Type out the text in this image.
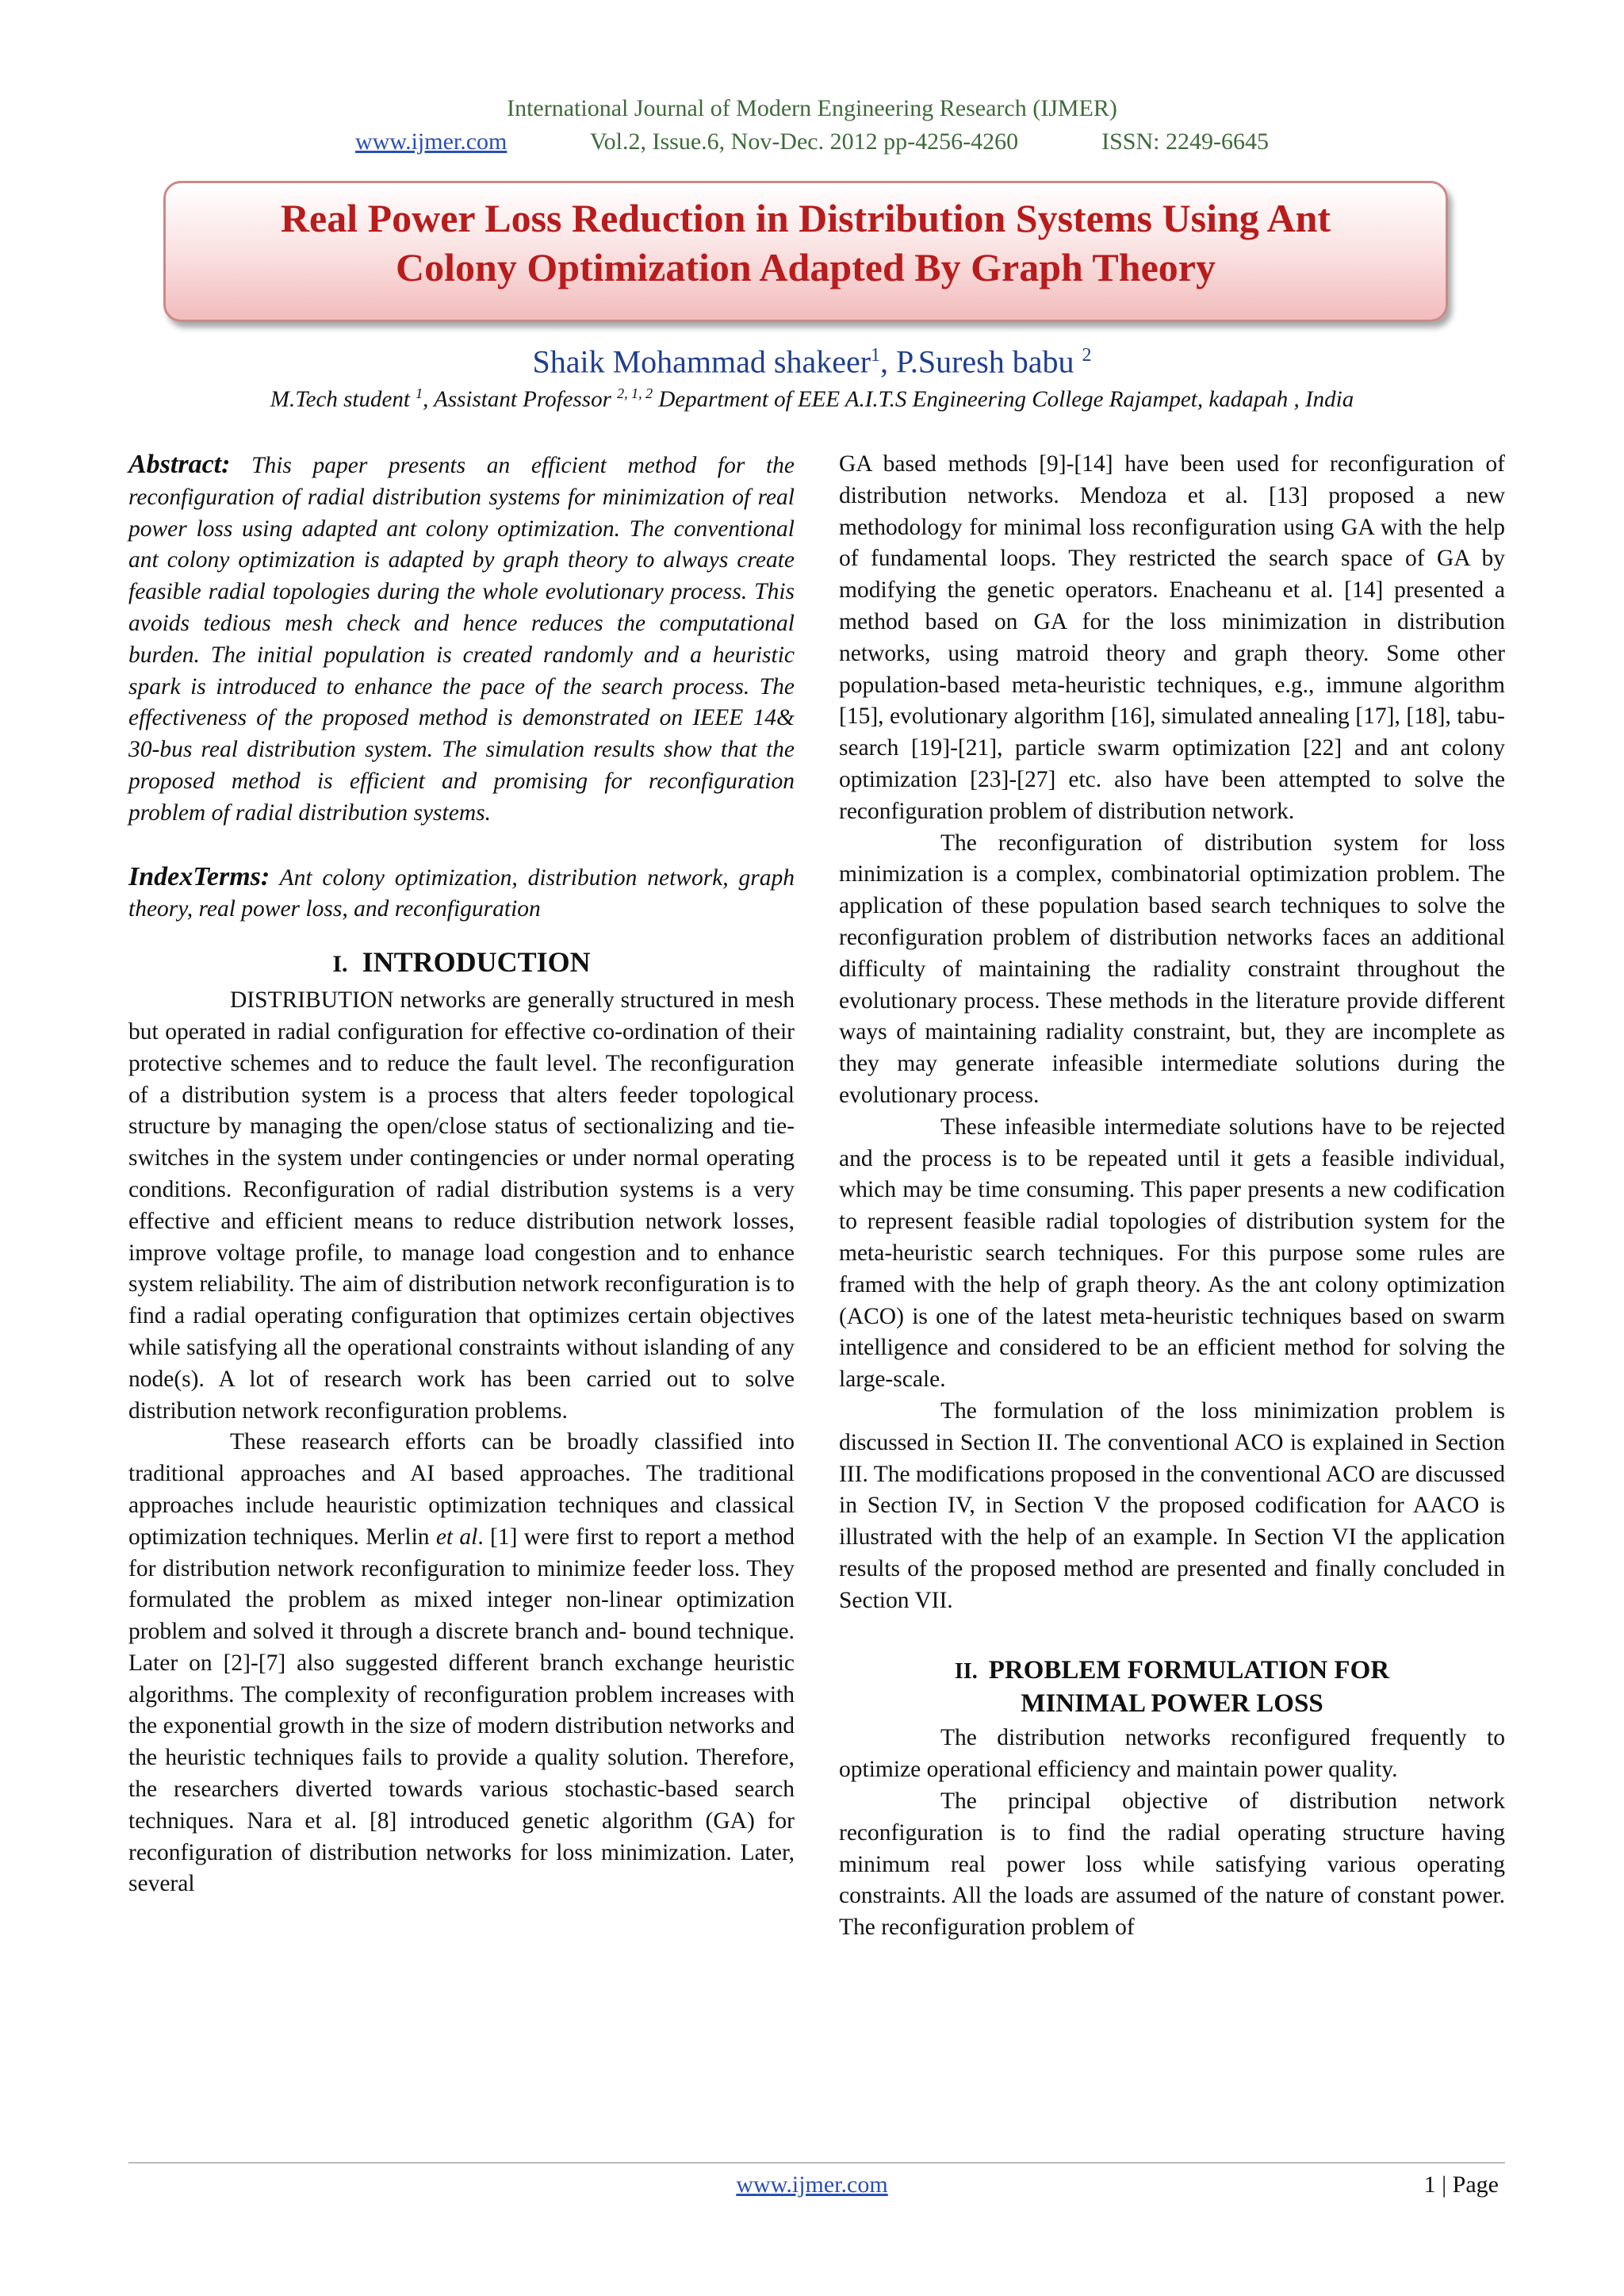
International Journal of Modern Engineering Research (IJMER)
www.ijmer.com	Vol.2, Issue.6, Nov-Dec. 2012 pp-4256-4260	ISSN: 2249-6645
Real Power Loss Reduction in Distribution Systems Using Ant
Colony Optimization Adapted By Graph Theory
Shaik Mohammad shakeer$^1$, P.Suresh babu $^2$
M.Tech student $^1$, Assistant Professor $^{2, 1, 2}$ Department of EEE A.I.T.S Engineering College Rajampet, kadapah , India

Abstract: This paper presents an efficient method for the reconfiguration of radial distribution systems for minimization of real power loss using adapted ant colony optimization. The conventional ant colony optimization is adapted by graph theory to always create feasible radial topologies during the whole evolutionary process. This avoids tedious mesh check and hence reduces the computational burden. The initial population is created randomly and a heuristic spark is introduced to enhance the pace of the search process. The effectiveness of the proposed method is demonstrated on IEEE 14& 30-bus real distribution system. The simulation results show that the proposed method is efficient and promising for reconfiguration problem of radial distribution systems.

IndexTerms: Ant colony optimization, distribution network, graph theory, real power loss, and reconfiguration

I. INTRODUCTION

DISTRIBUTION networks are generally structured in mesh but operated in radial configuration for effective co-ordination of their protective schemes and to reduce the fault level. The reconfiguration of a distribution system is a process that alters feeder topological structure by managing the open/close status of sectionalizing and tie-switches in the system under contingencies or under normal operating conditions. Reconfiguration of radial distribution systems is a very effective and efficient means to reduce distribution network losses, improve voltage profile, to manage load congestion and to enhance system reliability. The aim of distribution network reconfiguration is to find a radial operating configuration that optimizes certain objectives while satisfying all the operational constraints without islanding of any node(s). A lot of research work has been carried out to solve distribution network reconfiguration problems.

These reasearch efforts can be broadly classified into traditional approaches and AI based approaches. The traditional approaches include heauristic optimization techniques and classical optimization techniques. Merlin et al. [1] were first to report a method for distribution network reconfiguration to minimize feeder loss. They formulated the problem as mixed integer non-linear optimization problem and solved it through a discrete branch and- bound technique. Later on [2]-[7] also suggested different branch exchange heuristic algorithms. The complexity of reconfiguration problem increases with the exponential growth in the size of modern distribution networks and the heuristic techniques fails to provide a quality solution. Therefore, the researchers diverted towards various stochastic-based search techniques. Nara et al. [8] introduced genetic algorithm (GA) for reconfiguration of distribution networks for loss minimization. Later, several

GA based methods [9]-[14] have been used for reconfiguration of distribution networks. Mendoza et al. [13] proposed a new methodology for minimal loss reconfiguration using GA with the help of fundamental loops. They restricted the search space of GA by modifying the genetic operators. Enacheanu et al. [14] presented a method based on GA for the loss minimization in distribution networks, using matroid theory and graph theory. Some other population-based meta-heuristic techniques, e.g., immune algorithm [15], evolutionary algorithm [16], simulated annealing [17], [18], tabu-search [19]-[21], particle swarm optimization [22] and ant colony optimization [23]-[27] etc. also have been attempted to solve the reconfiguration problem of distribution network.

The reconfiguration of distribution system for loss minimization is a complex, combinatorial optimization problem. The application of these population based search techniques to solve the reconfiguration problem of distribution networks faces an additional difficulty of maintaining the radiality constraint throughout the evolutionary process. These methods in the literature provide different ways of maintaining radiality constraint, but, they are incomplete as they may generate infeasible intermediate solutions during the evolutionary process.

These infeasible intermediate solutions have to be rejected and the process is to be repeated until it gets a feasible individual, which may be time consuming. This paper presents a new codification to represent feasible radial topologies of distribution system for the meta-heuristic search techniques. For this purpose some rules are framed with the help of graph theory. As the ant colony optimization (ACO) is one of the latest meta-heuristic techniques based on swarm intelligence and considered to be an efficient method for solving the large-scale.

The formulation of the loss minimization problem is discussed in Section II. The conventional ACO is explained in Section III. The modifications proposed in the conventional ACO are discussed in Section IV, in Section V the proposed codification for AACO is illustrated with the help of an example. In Section VI the application results of the proposed method are presented and finally concluded in Section VII.

II. PROBLEM FORMULATION FOR
MINIMAL POWER LOSS

The distribution networks reconfigured frequently to optimize operational efficiency and maintain power quality.

The principal objective of distribution network reconfiguration is to find the radial operating structure having minimum real power loss while satisfying various operating constraints. All the loads are assumed of the nature of constant power. The reconfiguration problem of

www.ijmer.com	1 | Page
